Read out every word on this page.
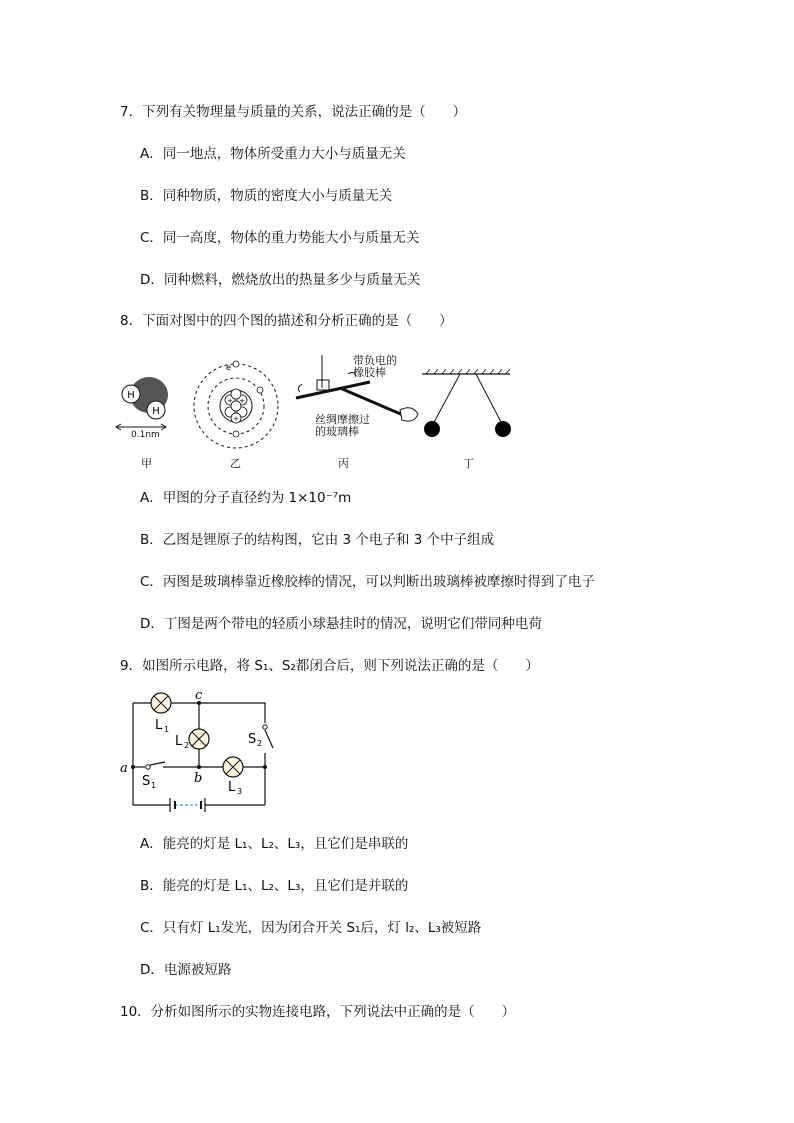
7．下列有关物理量与质量的关系，说法正确的是（　　）
A．同一地点，物体所受重力大小与质量无关
B．同种物质，物质的密度大小与质量无关
C．同一高度，物体的重力势能大小与质量无关
D．同种燃料，燃烧放出的热量多少与质量无关
8．下面对图中的四个图的描述和分析正确的是（　　）
H
H
0.1nm
+ +
+
e
带负电的
橡胶棒
丝绸摩擦过
的玻璃棒
甲	乙	丙	丁
A．甲图的分子直径约为 1×10⁻⁷m
B．乙图是锂原子的结构图，它由 3 个电子和 3 个中子组成
C．丙图是玻璃棒靠近橡胶棒的情况，可以判断出玻璃棒被摩擦时得到了电子
D．丁图是两个带电的轻质小球悬挂时的情况，说明它们带同种电荷
9．如图所示电路，将 S₁、S₂都闭合后，则下列说法正确的是（　　）
c
a
b
L 1
L 2
L 3
S 1
S 2
A．能亮的灯是 L₁、L₂、L₃，且它们是串联的
B．能亮的灯是 L₁、L₂、L₃，且它们是并联的
C．只有灯 L₁发光，因为闭合开关 S₁后，灯 l₂、L₃被短路
D．电源被短路
10．分析如图所示的实物连接电路，下列说法中正确的是（　　）
